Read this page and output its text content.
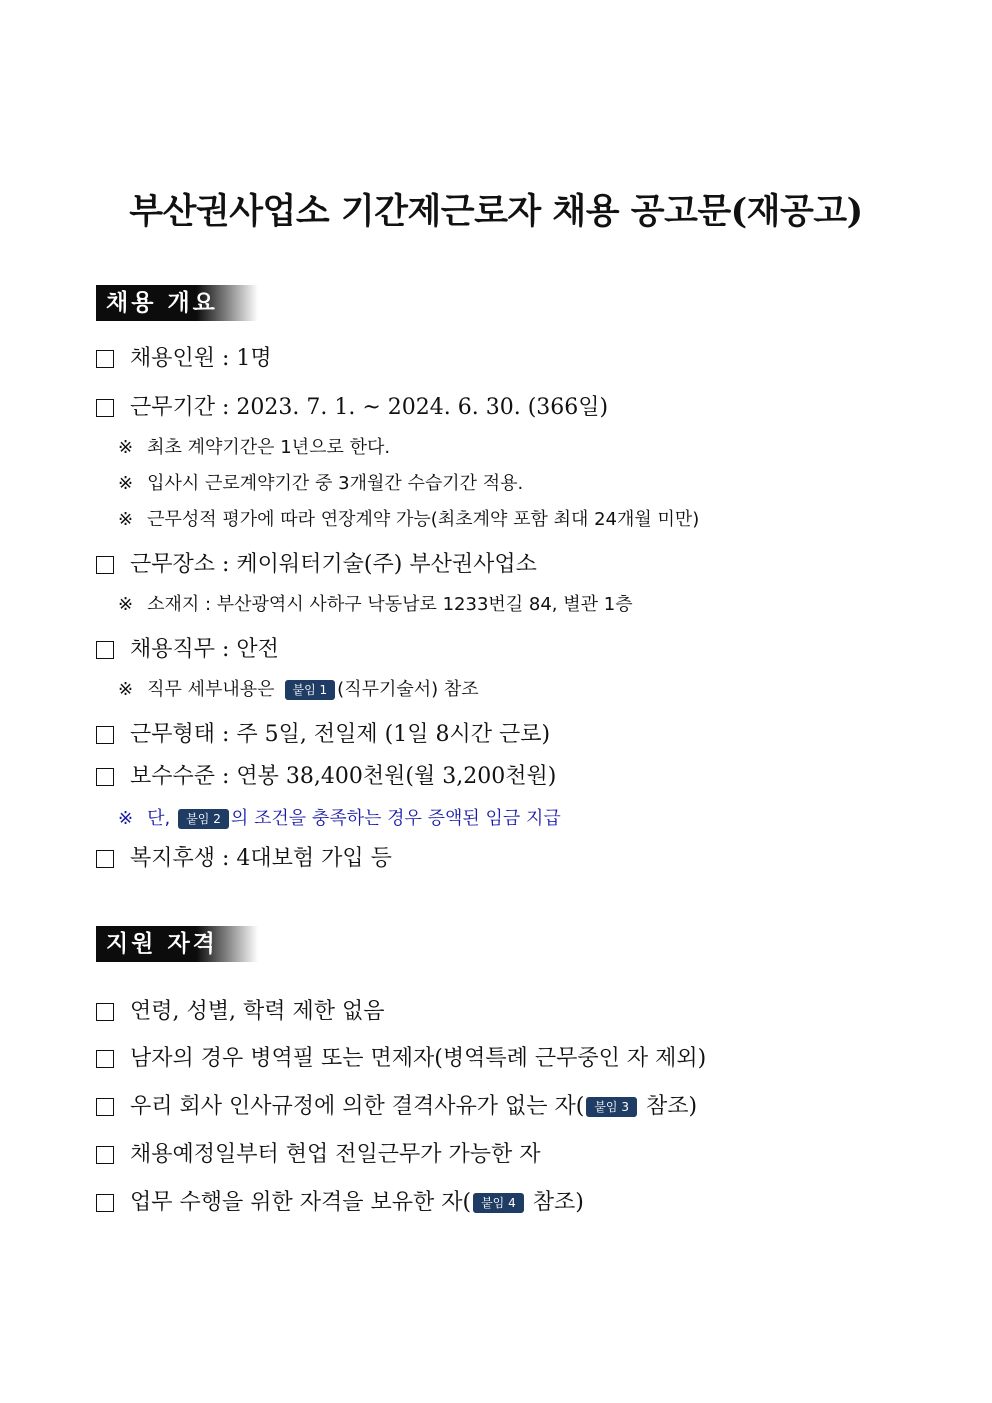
부산권사업소 기간제근로자 채용 공고문(재공고)
채용 개요
채용인원 : 1명
근무기간 : 2023. 7. 1. ~ 2024. 6. 30. (366일)
※ 최초 계약기간은 1년으로 한다.
※ 입사시 근로계약기간 중 3개월간 수습기간 적용.
※ 근무성적 평가에 따라 연장계약 가능(최초계약 포함 최대 24개월 미만)
근무장소 : 케이워터기술(주) 부산권사업소
※ 소재지 : 부산광역시 사하구 낙동남로 1233번길 84, 별관 1층
채용직무 : 안전
※ 직무 세부내용은	붙임 1 (직무기술서) 참조
근무형태 : 주 5일, 전일제 (1일 8시간 근로)
보수수준 : 연봉 38,400천원(월 3,200천원)
※ 단,	붙임 2 의 조건을 충족하는 경우 증액된 임금 지급
복지후생 : 4대보험 가입 등
지원 자격
연령, 성별, 학력 제한 없음
남자의 경우 병역필 또는 면제자(병역특례 근무중인 자 제외)
우리 회사 인사규정에 의한 결격사유가 없는 자( 붙임 3 참조)
채용예정일부터 현업 전일근무가 가능한 자
업무 수행을 위한 자격을 보유한 자( 붙임 4 참조)
